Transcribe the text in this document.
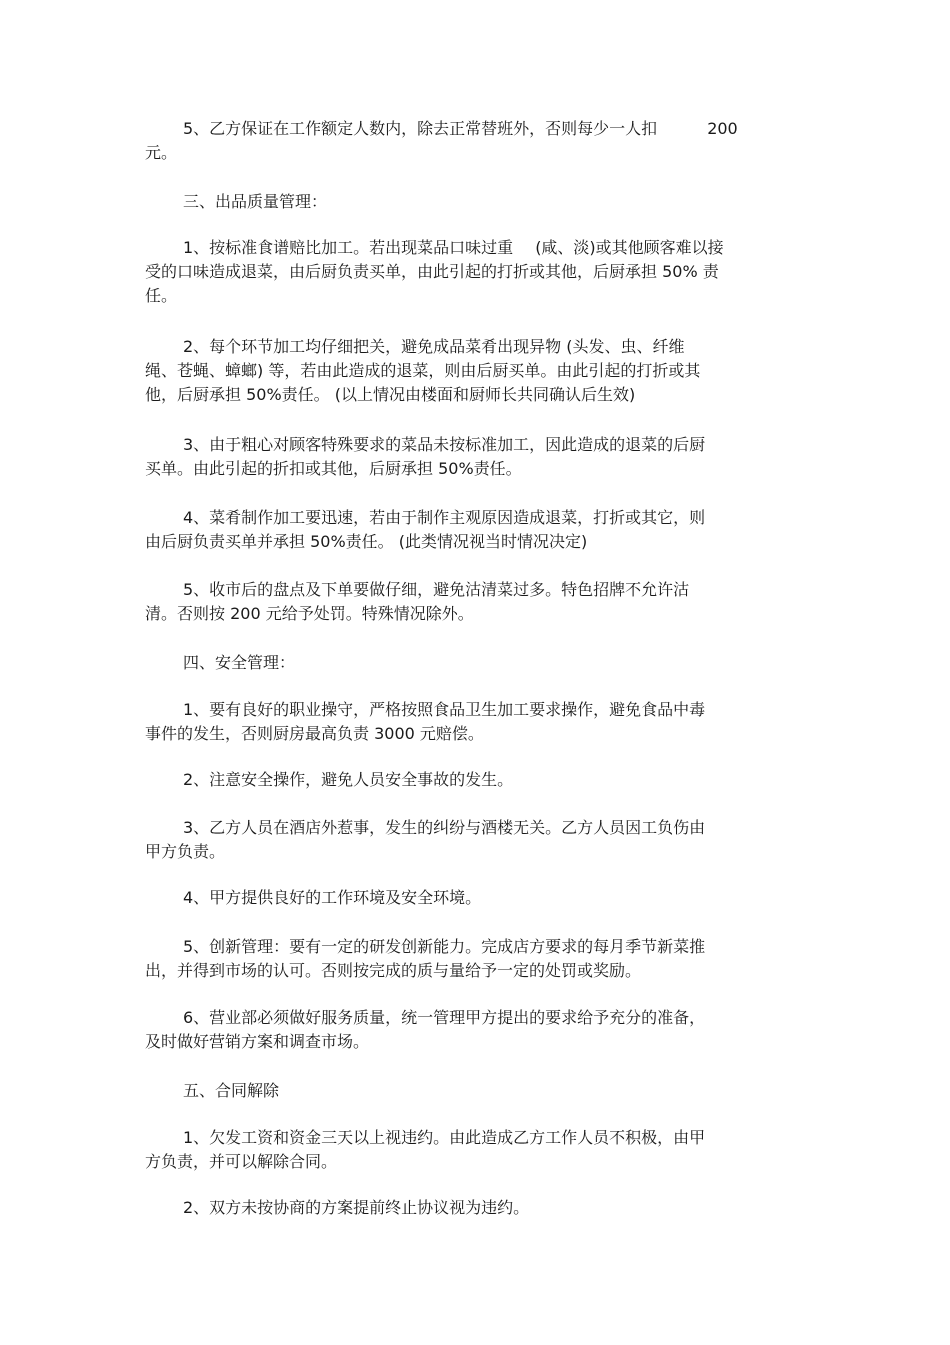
5、乙方保证在工作额定人数内，除去正常替班外，否则每少一人扣	200
元。
三、出品质量管理：
1、按标准食谱赔比加工。若出现菜品口味过重 (咸、淡)或其他顾客难以接
受的口味造成退菜，由后厨负责买单，由此引起的打折或其他，后厨承担 50% 责
任。
2、每个环节加工均仔细把关，避免成品菜肴出现异物 (头发、虫、纤维
绳、苍蝇、蟑螂) 等，若由此造成的退菜，则由后厨买单。由此引起的打折或其
他，后厨承担 50%责任。 (以上情况由楼面和厨师长共同确认后生效)
3、由于粗心对顾客特殊要求的菜品未按标准加工，因此造成的退菜的后厨
买单。由此引起的折扣或其他，后厨承担 50%责任。
4、菜肴制作加工要迅速，若由于制作主观原因造成退菜，打折或其它，则
由后厨负责买单并承担 50%责任。 (此类情况视当时情况决定)
5、收市后的盘点及下单要做仔细，避免沽清菜过多。特色招牌不允许沽
清。否则按 200 元给予处罚。特殊情况除外。
四、安全管理：
1、要有良好的职业操守，严格按照食品卫生加工要求操作，避免食品中毒
事件的发生，否则厨房最高负责 3000 元赔偿。
2、注意安全操作，避免人员安全事故的发生。
3、乙方人员在酒店外惹事，发生的纠纷与酒楼无关。乙方人员因工负伤由
甲方负责。
4、甲方提供良好的工作环境及安全环境。
5、创新管理：要有一定的研发创新能力。完成店方要求的每月季节新菜推
出，并得到市场的认可。否则按完成的质与量给予一定的处罚或奖励。
6、营业部必须做好服务质量，统一管理甲方提出的要求给予充分的准备，
及时做好营销方案和调查市场。
五、合同解除
1、欠发工资和资金三天以上视违约。由此造成乙方工作人员不积极，由甲
方负责，并可以解除合同。
2、双方未按协商的方案提前终止协议视为违约。
